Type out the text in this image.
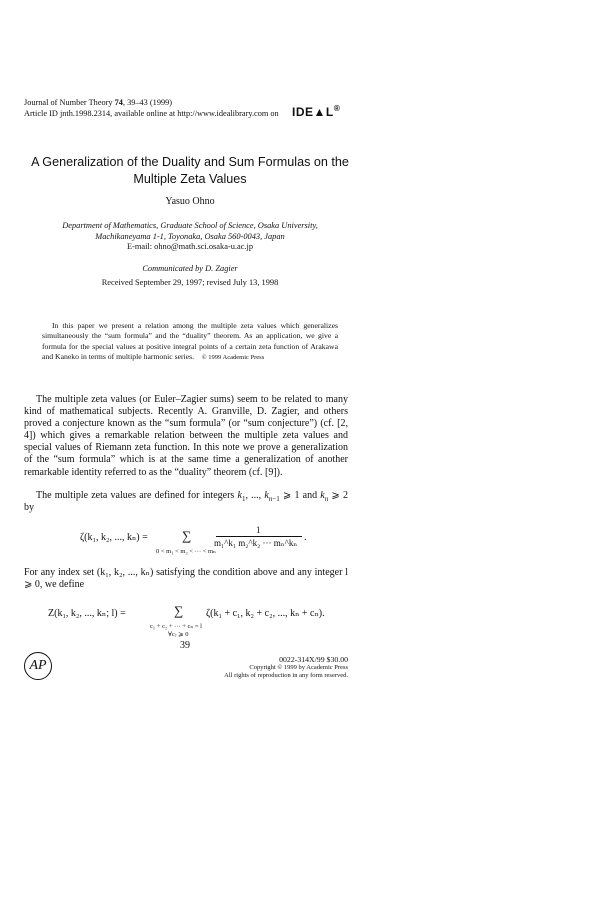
Journal of Number Theory 74, 39–43 (1999)
Article ID jnth.1998.2314, available online at http://www.idealibrary.com on IDE▲L®
A Generalization of the Duality and Sum Formulas on the Multiple Zeta Values
Yasuo Ohno
Department of Mathematics, Graduate School of Science, Osaka University,
Machikaneyama 1-1, Toyonaka, Osaka 560-0043, Japan
E-mail: ohno@math.sci.osaka-u.ac.jp
Communicated by D. Zagier
Received September 29, 1997; revised July 13, 1998
In this paper we present a relation among the multiple zeta values which generalizes simultaneously the “sum formula” and the “duality” theorem. As an application, we give a formula for the special values at positive integral points of a certain zeta function of Arakawa and Kaneko in terms of multiple harmonic series. © 1999 Academic Press
The multiple zeta values (or Euler–Zagier sums) seem to be related to many kind of mathematical subjects. Recently A. Granville, D. Zagier, and others proved a conjecture known as the “sum formula” (or “sum conjecture”) (cf. [2, 4]) which gives a remarkable relation between the multiple zeta values and special values of Riemann zeta function. In this note we prove a generalization of the “sum formula” which is at the same time a generalization of another remarkable identity referred to as the “duality” theorem (cf. [9]).
The multiple zeta values are defined for integers $k_1$, ..., $k_{n-1}$ ⩾ 1 and $k_n$ ⩾ 2 by
ζ(k₁, k₂, ..., kₙ) =	∑
0 < m₁ < m₂ < ··· < mₙ
1
m₁^k₁ m₂^k₂ ··· mₙ^kₙ .
For any index set (k₁, k₂, ..., kₙ) satisfying the condition above and any integer l ⩾ 0, we define
Z(k₁, k₂, ..., kₙ; l) =	∑
c₁ + c₂ + ··· + cₙ = l
∀cⱼ ⩾ 0
ζ(k₁ + c₁, k₂ + c₂, ..., kₙ + cₙ).
39
AP	0022-314X/99 $30.00
Copyright © 1999 by Academic Press
All rights of reproduction in any form reserved.
